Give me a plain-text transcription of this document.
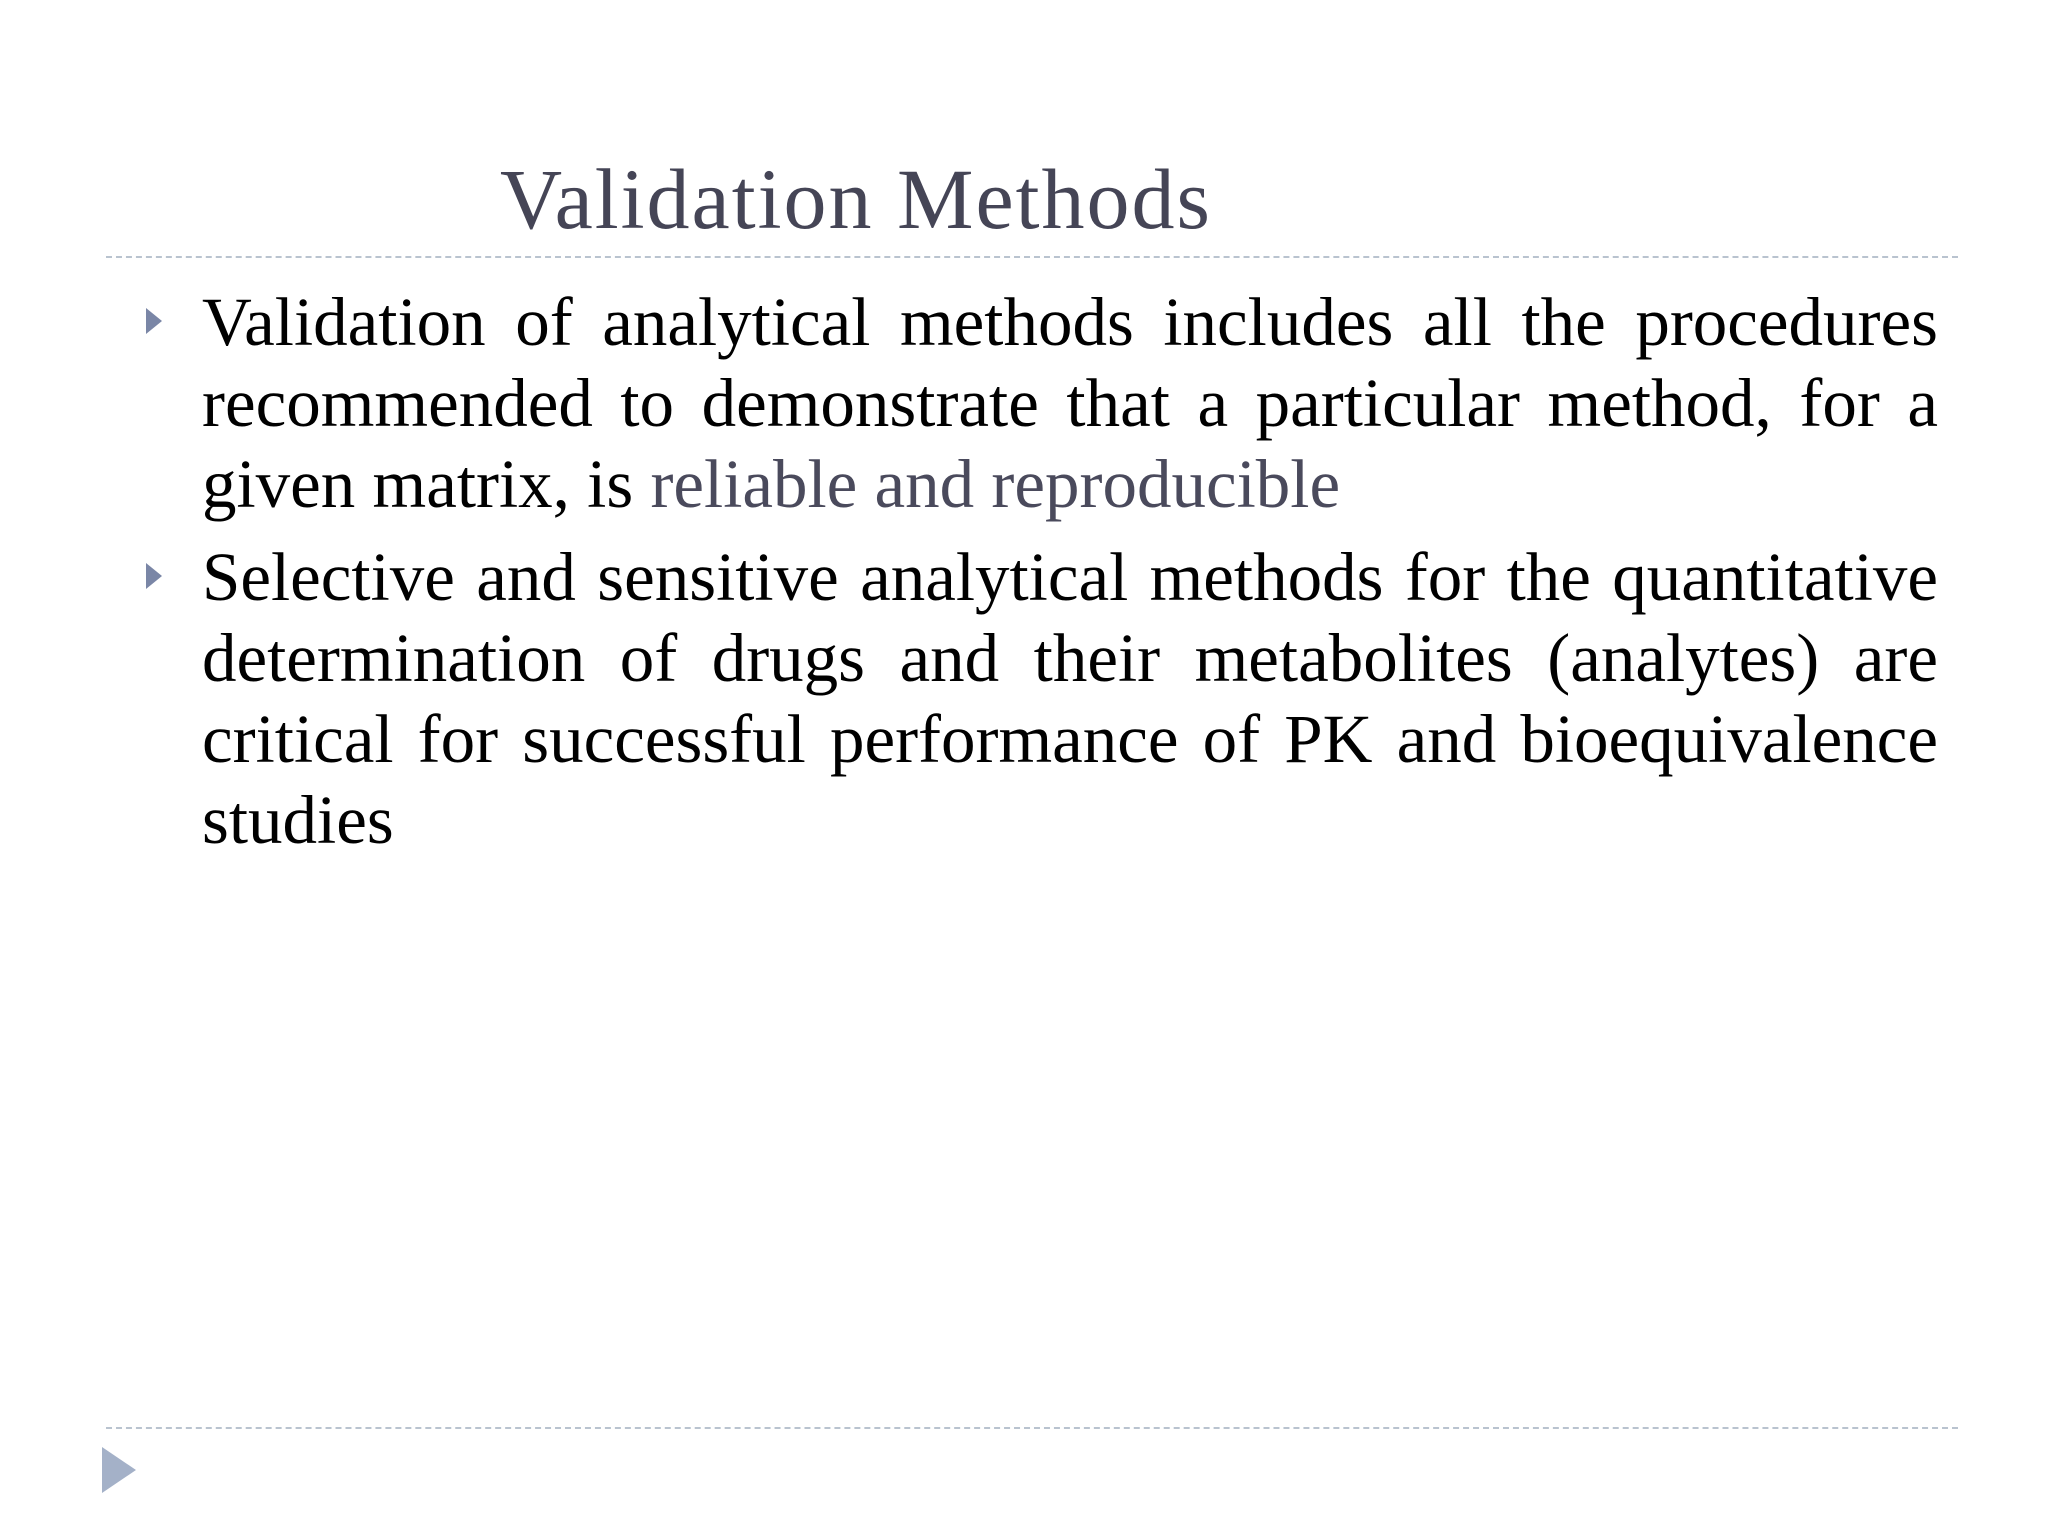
Validation Methods

Validation of analytical methods includes all the procedures recommended to demonstrate that a particular method, for a given matrix, is reliable and reproducible

Selective and sensitive analytical methods for the quantitative determination of drugs and their metabolites (analytes) are critical for successful performance of PK and bioequivalence studies
